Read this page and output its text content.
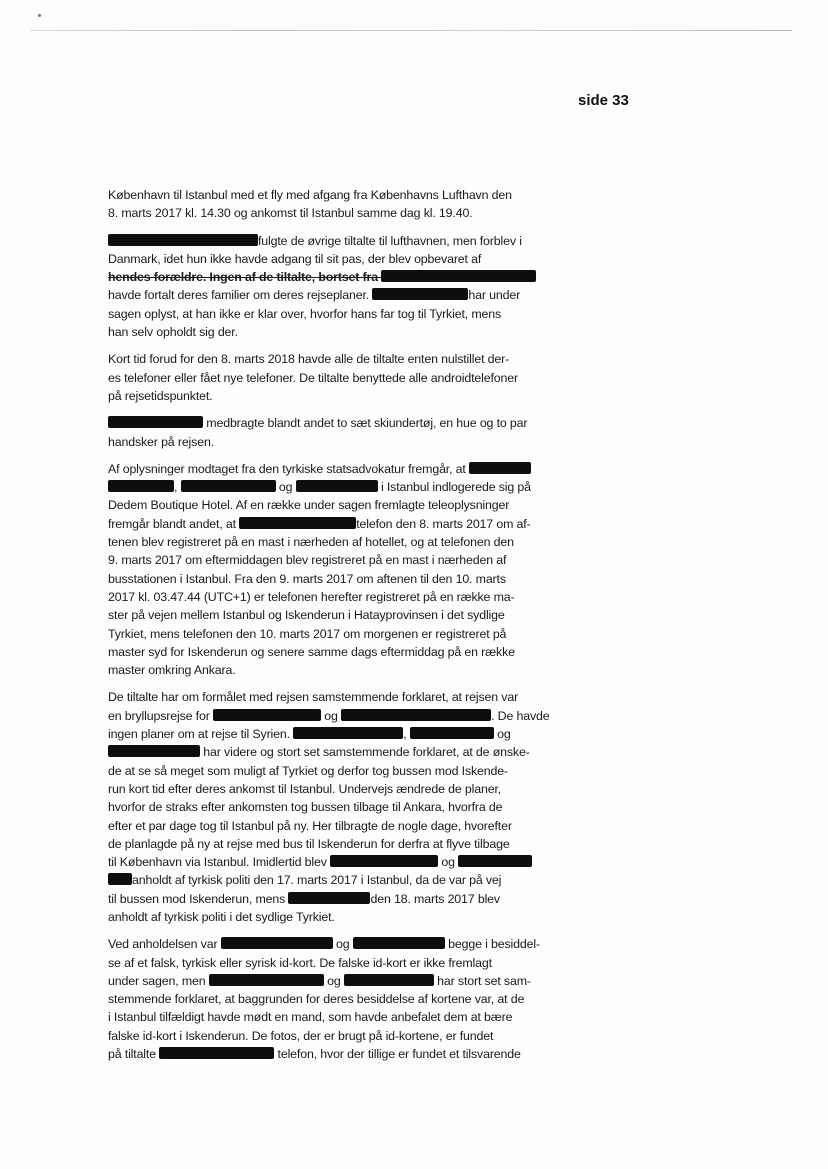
side 33

København til Istanbul med et fly med afgang fra Københavns Lufthavn den
8. marts 2017 kl. 14.30 og ankomst til Istanbul samme dag kl. 19.40.

fulgte de øvrige tiltalte til lufthavnen, men forblev i
Danmark, idet hun ikke havde adgang til sit pas, der blev opbevaret af
hendes forældre. Ingen af de tiltalte, bortset fra
havde fortalt deres familier om deres rejseplaner.	har under
sagen oplyst, at han ikke er klar over, hvorfor hans far tog til Tyrkiet, mens
han selv opholdt sig der.

Kort tid forud for den 8. marts 2018 havde alle de tiltalte enten nulstillet der-
es telefoner eller fået nye telefoner. De tiltalte benyttede alle androidtelefoner
på rejsetidspunktet.

medbragte blandt andet to sæt skiundertøj, en hue og to par
handsker på rejsen.

Af oplysninger modtaget fra den tyrkiske statsadvokatur fremgår, at
,	og	i Istanbul indlogerede sig på
Dedem Boutique Hotel. Af en række under sagen fremlagte teleoplysninger
fremgår blandt andet, at	telefon den 8. marts 2017 om af-
tenen blev registreret på en mast i nærheden af hotellet, og at telefonen den
9. marts 2017 om eftermiddagen blev registreret på en mast i nærheden af
busstationen i Istanbul. Fra den 9. marts 2017 om aftenen til den 10. marts
2017 kl. 03.47.44 (UTC+1) er telefonen herefter registreret på en række ma-
ster på vejen mellem Istanbul og Iskenderun i Hatayprovinsen i det sydlige
Tyrkiet, mens telefonen den 10. marts 2017 om morgenen er registreret på
master syd for Iskenderun og senere samme dags eftermiddag på en række
master omkring Ankara.

De tiltalte har om formålet med rejsen samstemmende forklaret, at rejsen var
en bryllupsrejse for	og	. De havde
ingen planer om at rejse til Syrien.	,	og
har videre og stort set samstemmende forklaret, at de ønske-
de at se så meget som muligt af Tyrkiet og derfor tog bussen mod Iskende-
run kort tid efter deres ankomst til Istanbul. Undervejs ændrede de planer,
hvorfor de straks efter ankomsten tog bussen tilbage til Ankara, hvorfra de
efter et par dage tog til Istanbul på ny. Her tilbragte de nogle dage, hvorefter
de planlagde på ny at rejse med bus til Iskenderun for derfra at flyve tilbage
til København via Istanbul. Imidlertid blev	og
anholdt af tyrkisk politi den 17. marts 2017 i Istanbul, da de var på vej
til bussen mod Iskenderun, mens	den 18. marts 2017 blev
anholdt af tyrkisk politi i det sydlige Tyrkiet.

Ved anholdelsen var	og	begge i besiddel-
se af et falsk, tyrkisk eller syrisk id-kort. De falske id-kort er ikke fremlagt
under sagen, men	og	har stort set sam-
stemmende forklaret, at baggrunden for deres besiddelse af kortene var, at de
i Istanbul tilfældigt havde mødt en mand, som havde anbefalet dem at bære
falske id-kort i Iskenderun. De fotos, der er brugt på id-kortene, er fundet
på tiltalte	telefon, hvor der tillige er fundet et tilsvarende
